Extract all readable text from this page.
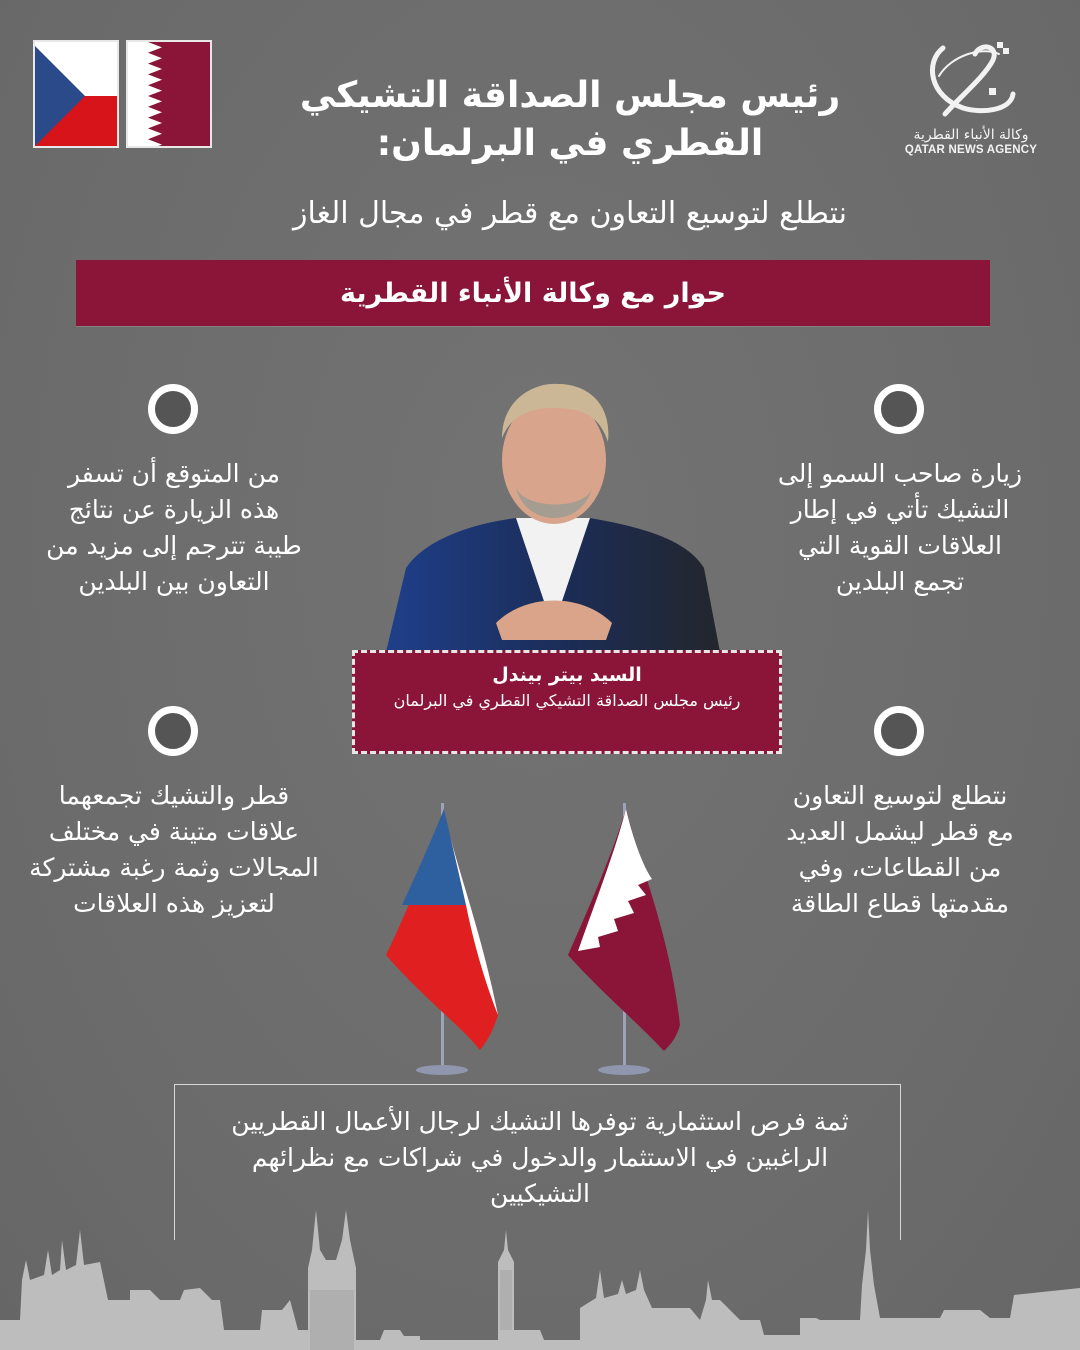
وكالة الأنباء القطرية
QATAR NEWS AGENCY
رئيس مجلس الصداقة التشيكي
القطري في البرلمان:
نتطلع لتوسيع التعاون مع قطر في مجال الغاز
حوار مع وكالة الأنباء القطرية
زيارة صاحب السمو إلى
التشيك تأتي في إطار
العلاقات القوية التي
تجمع البلدين
من المتوقع أن تسفر
هذه الزيارة عن نتائج
طيبة تترجم إلى مزيد من
التعاون بين البلدين
نتطلع لتوسيع التعاون
مع قطر ليشمل العديد
من القطاعات، وفي
مقدمتها قطاع الطاقة
قطر والتشيك تجمعهما
علاقات متينة في مختلف
المجالات وثمة رغبة مشتركة
لتعزيز هذه العلاقات
السيد بيتر بيندل
رئيس مجلس الصداقة التشيكي القطري في البرلمان
ثمة فرص استثمارية توفرها التشيك لرجال الأعمال القطريين
الراغبين في الاستثمار والدخول في شراكات مع نظرائهم
التشيكيين
